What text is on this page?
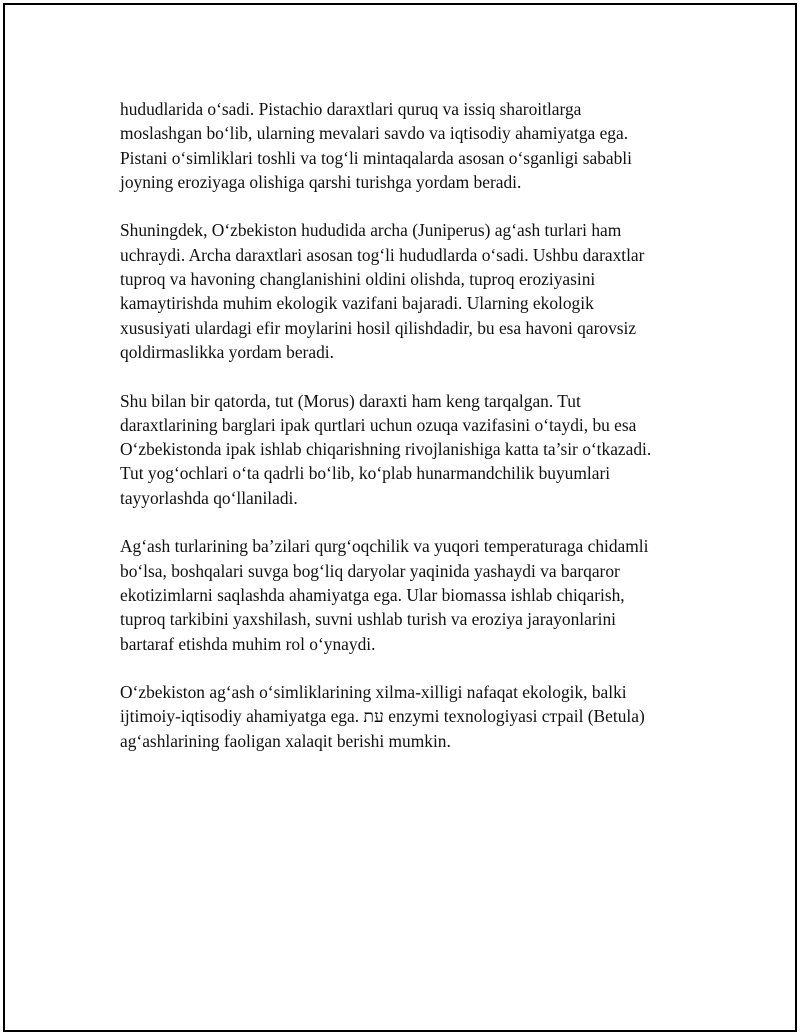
hududlarida o‘sadi. Pistachio daraxtlari quruq va issiq sharoitlarga
moslashgan bo‘lib, ularning mevalari savdo va iqtisodiy ahamiyatga ega.
Pistani o‘simliklari toshli va tog‘li mintaqalarda asosan o‘sganligi sababli
joyning eroziyaga olishiga qarshi turishga yordam beradi.

Shuningdek, O‘zbekiston hududida archa (Juniperus) ag‘ash turlari ham
uchraydi. Archa daraxtlari asosan tog‘li hududlarda o‘sadi. Ushbu daraxtlar
tuproq va havoning changlanishini oldini olishda, tuproq eroziyasini
kamaytirishda muhim ekologik vazifani bajaradi. Ularning ekologik
xususiyati ulardagi efir moylarini hosil qilishdadir, bu esa havoni qarovsiz
qoldirmaslikka yordam beradi.

Shu bilan bir qatorda, tut (Morus) daraxti ham keng tarqalgan. Tut
daraxtlarining barglari ipak qurtlari uchun ozuqa vazifasini o‘taydi, bu esa
O‘zbekistonda ipak ishlab chiqarishning rivojlanishiga katta ta’sir o‘tkazadi.
Tut yog‘ochlari o‘ta qadrli bo‘lib, ko‘plab hunarmandchilik buyumlari
tayyorlashda qo‘llaniladi.

Ag‘ash turlarining ba’zilari qurg‘oqchilik va yuqori temperaturaga chidamli
bo‘lsa, boshqalari suvga bog‘liq daryolar yaqinida yashaydi va barqaror
ekotizimlarni saqlashda ahamiyatga ega. Ular biomassa ishlab chiqarish,
tuproq tarkibini yaxshilash, suvni ushlab turish va eroziya jarayonlarini
bartaraf etishda muhim rol o‘ynaydi.

O‘zbekiston ag‘ash o‘simliklarining xilma-xilligi nafaqat ekologik, balki
ijtimoiy-iqtisodiy ahamiyatga ega. עת enzymi texnologiyasi страil (Betula)
ag‘ashlarining faoligan xalaqit berishi mumkin.
